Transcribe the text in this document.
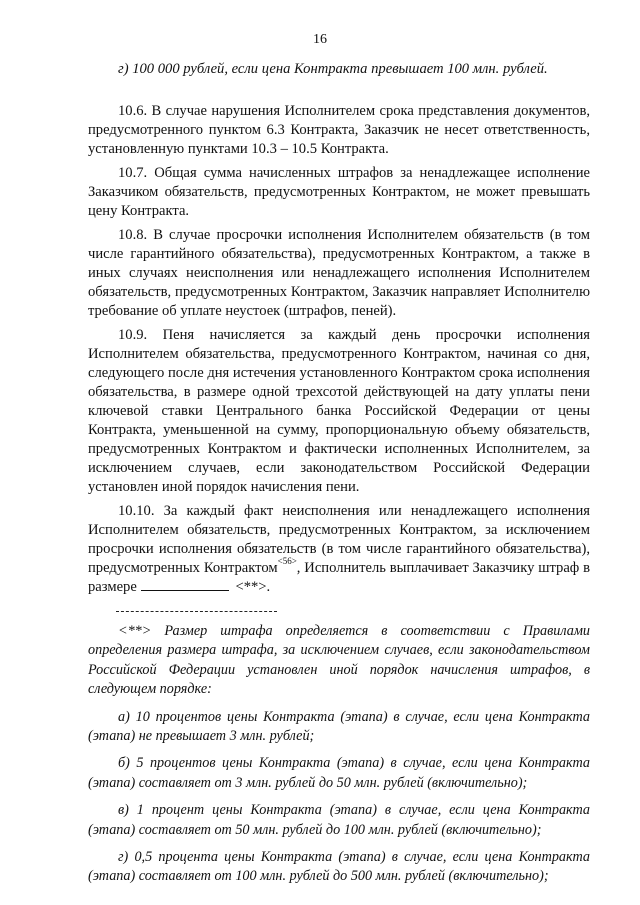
16

г) 100 000 рублей, если цена Контракта превышает 100 млн. рублей.

10.6. В случае нарушения Исполнителем срока представления документов, предусмотренного пунктом 6.3 Контракта, Заказчик не несет ответственность, установленную пунктами 10.3 – 10.5 Контракта.

10.7. Общая сумма начисленных штрафов за ненадлежащее исполнение Заказчиком обязательств, предусмотренных Контрактом, не может превышать цену Контракта.

10.8. В случае просрочки исполнения Исполнителем обязательств (в том числе гарантийного обязательства), предусмотренных Контрактом, а также в иных случаях неисполнения или ненадлежащего исполнения Исполнителем обязательств, предусмотренных Контрактом, Заказчик направляет Исполнителю требование об уплате неустоек (штрафов, пеней).

10.9. Пеня начисляется за каждый день просрочки исполнения Исполнителем обязательства, предусмотренного Контрактом, начиная со дня, следующего после дня истечения установленного Контрактом срока исполнения обязательства, в размере одной трехсотой действующей на дату уплаты пени ключевой ставки Центрального банка Российской Федерации от цены Контракта, уменьшенной на сумму, пропорциональную объему обязательств, предусмотренных Контрактом и фактически исполненных Исполнителем, за исключением случаев, если законодательством Российской Федерации установлен иной порядок начисления пени.

10.10. За каждый факт неисполнения или ненадлежащего исполнения Исполнителем обязательств, предусмотренных Контрактом, за исключением просрочки исполнения обязательств (в том числе гарантийного обязательства), предусмотренных Контрактом$^{<56>}$, Исполнитель выплачивает Заказчику штраф в размере	<**>.

<**> Размер штрафа определяется в соответствии с Правилами определения размера штрафа, за исключением случаев, если законодательством Российской Федерации установлен иной порядок начисления штрафов, в следующем порядке:

а) 10 процентов цены Контракта (этапа) в случае, если цена Контракта (этапа) не превышает 3 млн. рублей;

б) 5 процентов цены Контракта (этапа) в случае, если цена Контракта (этапа) составляет от 3 млн. рублей до 50 млн. рублей (включительно);

в) 1 процент цены Контракта (этапа) в случае, если цена Контракта (этапа) составляет от 50 млн. рублей до 100 млн. рублей (включительно);

г) 0,5 процента цены Контракта (этапа) в случае, если цена Контракта (этапа) составляет от 100 млн. рублей до 500 млн. рублей (включительно);
